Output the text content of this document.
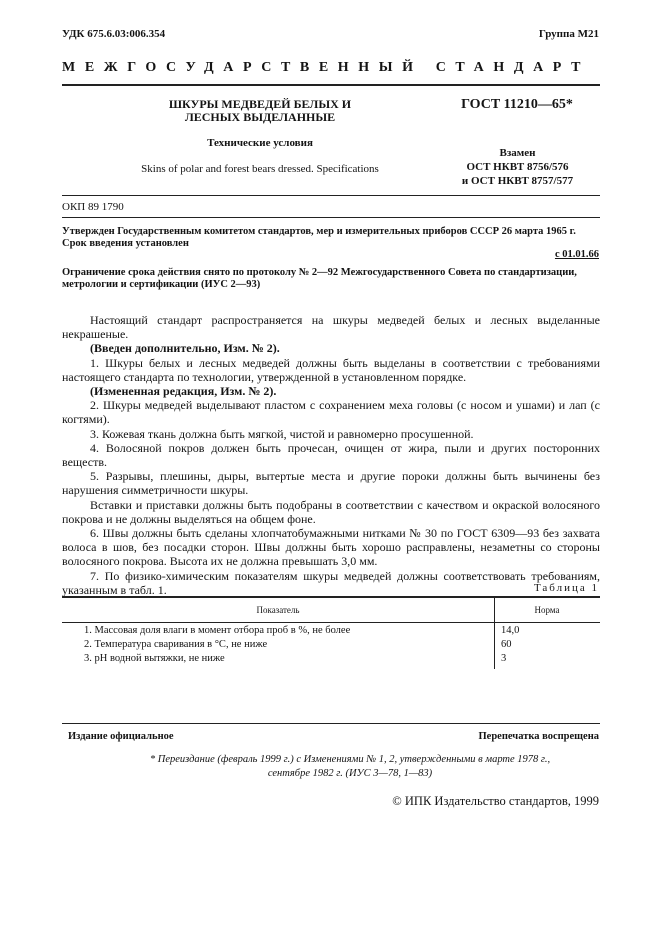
УДК 675.6.03:006.354	Группа М21
МЕЖГОСУДАРСТВЕННЫЙ СТАНДАРТ
ШКУРЫ МЕДВЕДЕЙ БЕЛЫХ И ЛЕСНЫХ ВЫДЕЛАННЫЕ
Технические условия
Skins of polar and forest bears dressed. Specifications
ГОСТ 11210—65*
Взамен
ОСТ НКВТ 8756/576
и ОСТ НКВТ 8757/577
ОКП 89 1790
Утвержден Государственным комитетом стандартов, мер и измерительных приборов СССР 26 марта 1965 г. Срок введения установлен
с 01.01.66
Ограничение срока действия снято по протоколу № 2—92 Межгосударственного Совета по стандартизации, метрологии и сертификации (ИУС 2—93)

Настоящий стандарт распространяется на шкуры медведей белых и лесных выделанные некрашеные.

(Введен дополнительно, Изм. № 2).

1. Шкуры белых и лесных медведей должны быть выделаны в соответствии с требованиями настоящего стандарта по технологии, утвержденной в установленном порядке.

(Измененная редакция, Изм. № 2).

2. Шкуры медведей выделывают пластом с сохранением меха головы (с носом и ушами) и лап (с когтями).

3. Кожевая ткань должна быть мягкой, чистой и равномерно просушенной.

4. Волосяной покров должен быть прочесан, очищен от жира, пыли и других посторонних веществ.

5. Разрывы, плешины, дыры, вытертые места и другие пороки должны быть вычинены без нарушения симметричности шкуры.

Вставки и приставки должны быть подобраны в соответствии с качеством и окраской волосяного покрова и не должны выделяться на общем фоне.

6. Швы должны быть сделаны хлопчатобумажными нитками № 30 по ГОСТ 6309—93 без захвата волоса в шов, без посадки сторон. Швы должны быть хорошо расправлены, незаметны со стороны волосяного покрова. Высота их не должна превышать 3,0 мм.

7. По физико-химическим показателям шкуры медведей должны соответствовать требованиям, указанным в табл. 1.	Таблица 1
Показатель	Норма
1. Массовая доля влаги в момент отбора проб в %, не более	14,0
2. Температура сваривания в °С, не ниже	60
3. рН водной вытяжки, не ниже	3
Издание официальное	Перепечатка воспрещена
* Переиздание (февраль 1999 г.) с Изменениями № 1, 2, утвержденными в марте 1978 г., сентябре 1982 г. (ИУС 3—78, 1—83)
© ИПК Издательство стандартов, 1999
